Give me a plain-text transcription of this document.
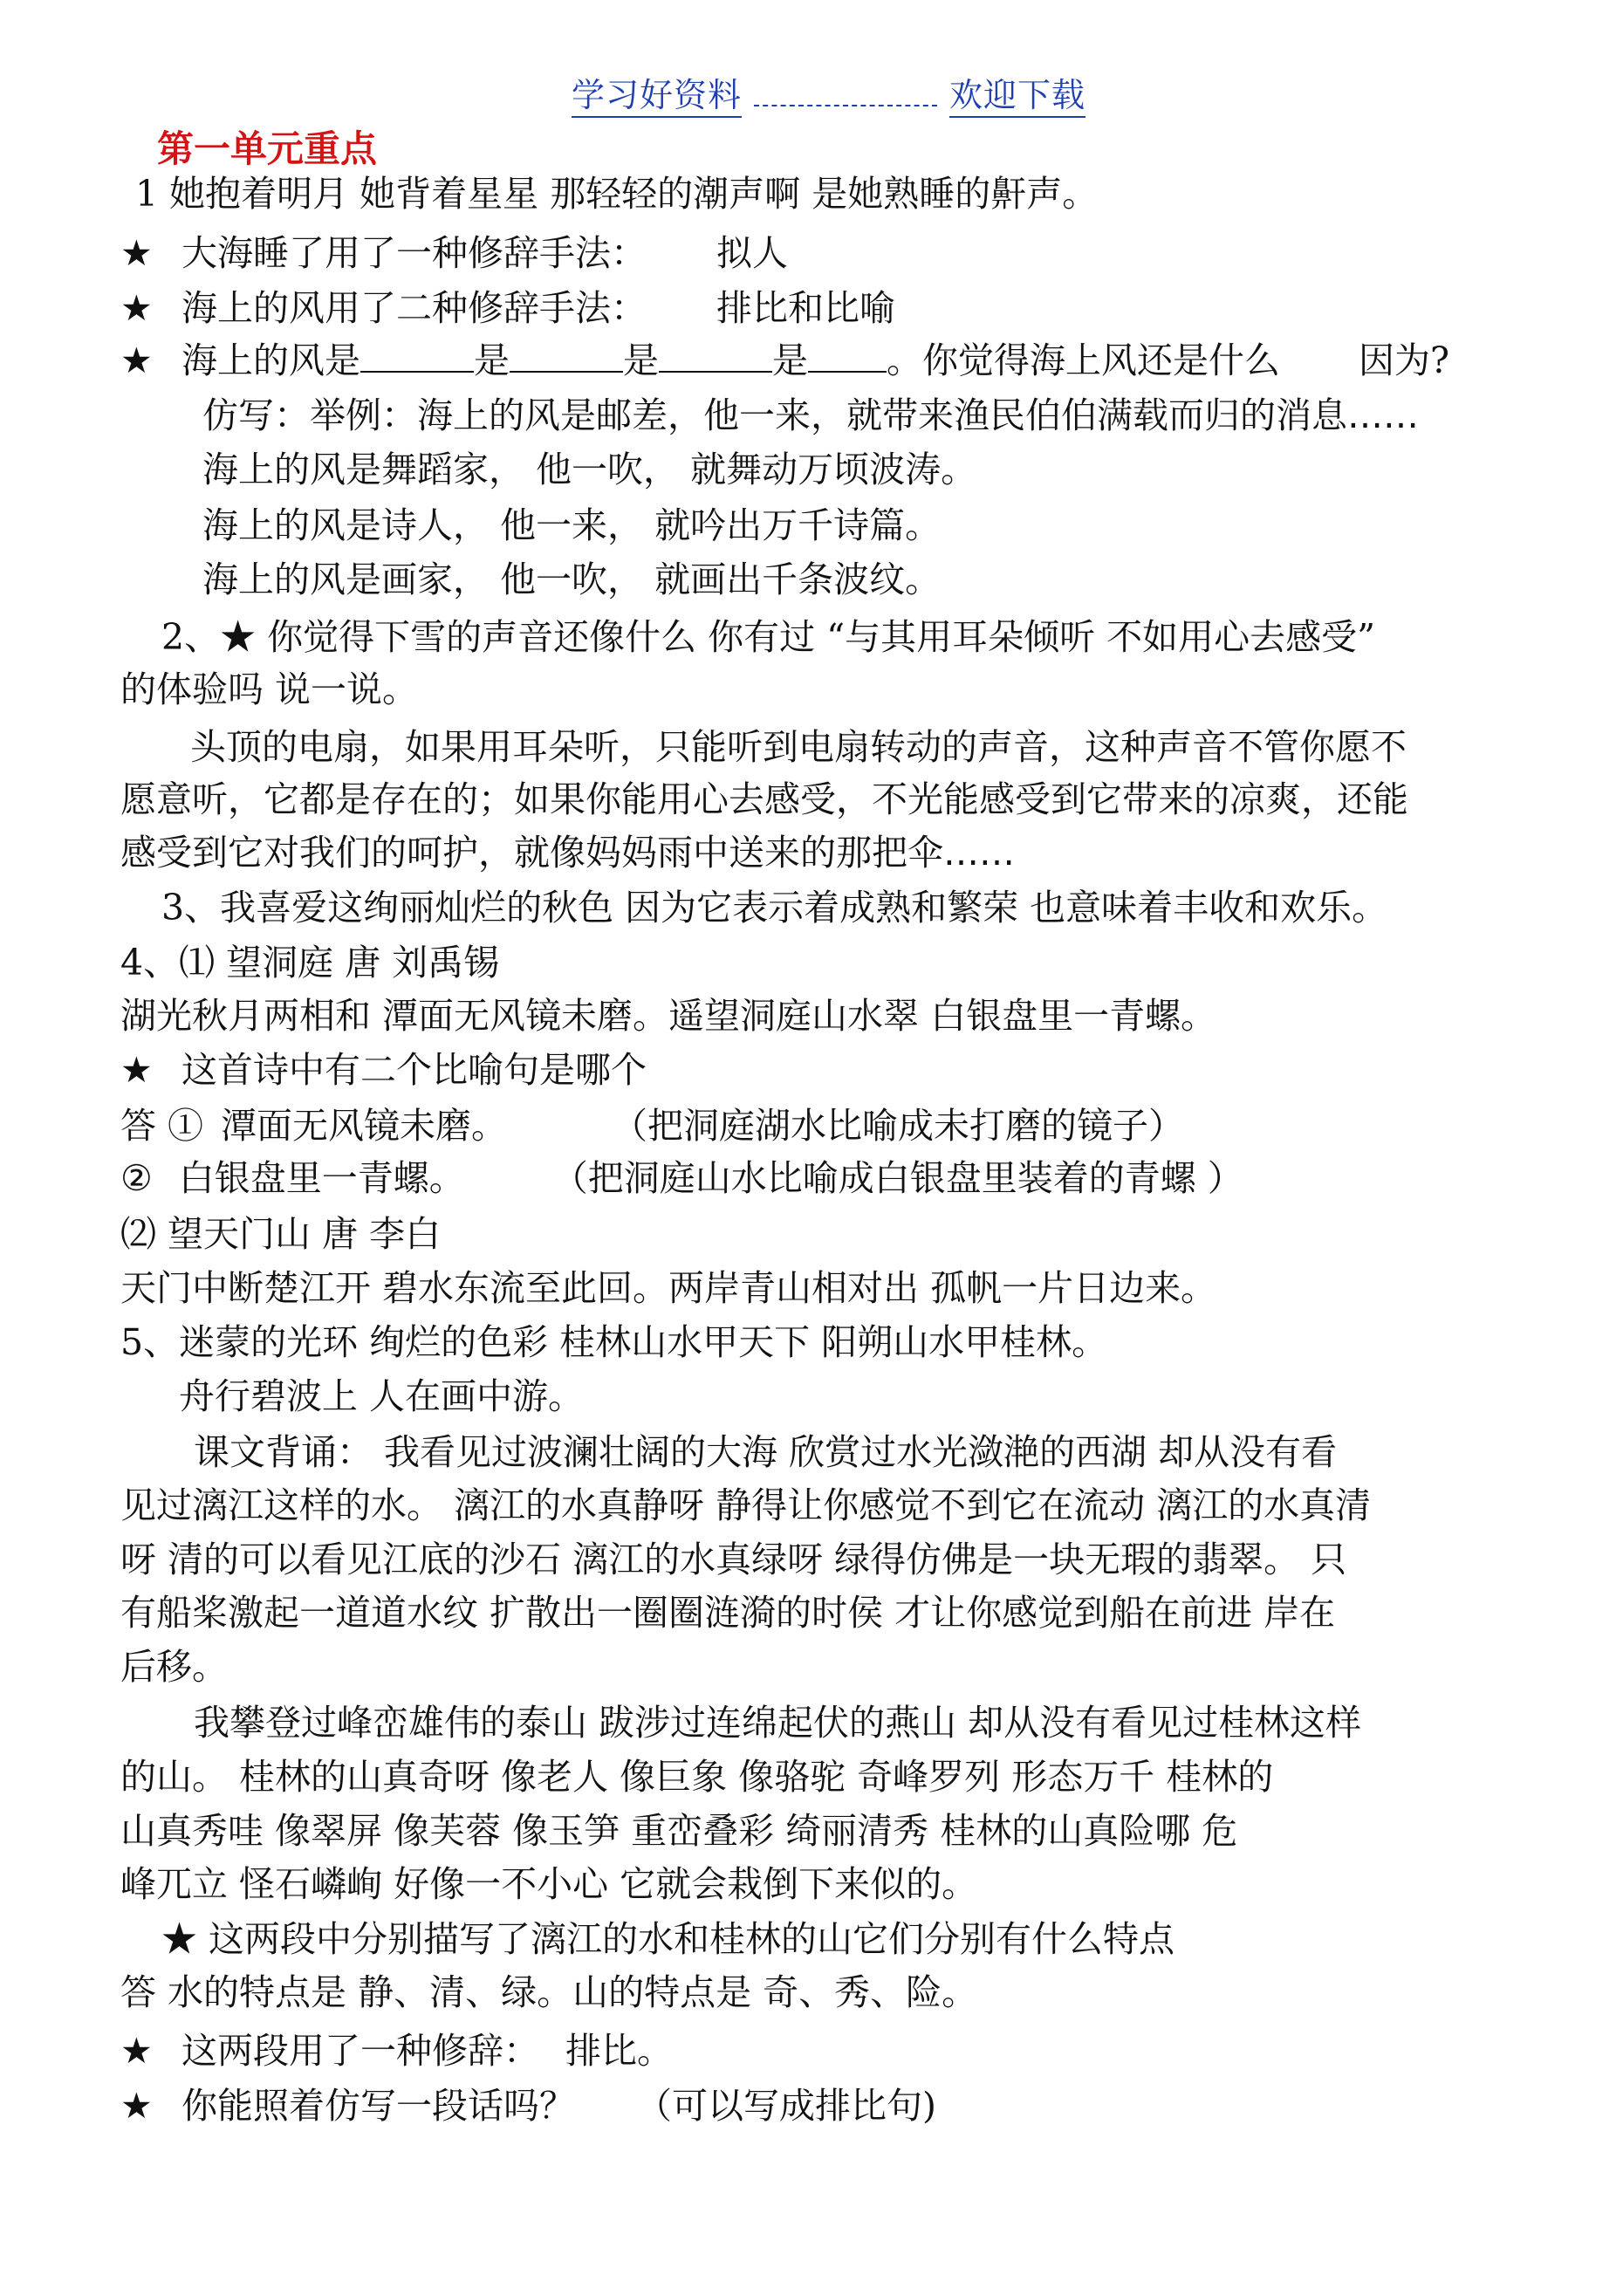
学习好资料	欢迎下载
第一单元重点
1 她抱着明月 她背着星星 那轻轻的潮声啊 是她熟睡的鼾声。
★ 大海睡了用了一种修辞手法： 拟人
★ 海上的风用了二种修辞手法： 排比和比喻
★ 海上的风是	是	是	是 。你觉得海上风还是什么 因为?
仿写：举例：海上的风是邮差，他一来，就带来渔民伯伯满载而归的消息……
海上的风是舞蹈家， 他一吹， 就舞动万顷波涛。
海上的风是诗人， 他一来， 就吟出万千诗篇。
海上的风是画家， 他一吹， 就画出千条波纹。
2、★ 你觉得下雪的声音还像什么 你有过 “与其用耳朵倾听 不如用心去感受”
的体验吗 说一说。
头顶的电扇，如果用耳朵听，只能听到电扇转动的声音，这种声音不管你愿不
愿意听，它都是存在的；如果你能用心去感受，不光能感受到它带来的凉爽，还能
感受到它对我们的呵护，就像妈妈雨中送来的那把伞……
3、我喜爱这绚丽灿烂的秋色 因为它表示着成熟和繁荣 也意味着丰收和欢乐。
4、⑴ 望洞庭 唐 刘禹锡
湖光秋月两相和 潭面无风镜未磨。遥望洞庭山水翠 白银盘里一青螺。
★ 这首诗中有二个比喻句是哪个
答 ① 潭面无风镜未磨。	（把洞庭湖水比喻成未打磨的镜子）
② 白银盘里一青螺。 （把洞庭山水比喻成白银盘里装着的青螺 ）
⑵ 望天门山 唐 李白
天门中断楚江开 碧水东流至此回。两岸青山相对出 孤帆一片日边来。
5、迷蒙的光环 绚烂的色彩 桂林山水甲天下 阳朔山水甲桂林。
舟行碧波上 人在画中游。
课文背诵： 我看见过波澜壮阔的大海 欣赏过水光潋滟的西湖 却从没有看
见过漓江这样的水。 漓江的水真静呀 静得让你感觉不到它在流动 漓江的水真清
呀 清的可以看见江底的沙石 漓江的水真绿呀 绿得仿佛是一块无瑕的翡翠。 只
有船桨激起一道道水纹 扩散出一圈圈涟漪的时侯 才让你感觉到船在前进 岸在
后移。
我攀登过峰峦雄伟的泰山 跋涉过连绵起伏的燕山 却从没有看见过桂林这样
的山。 桂林的山真奇呀 像老人 像巨象 像骆驼 奇峰罗列 形态万千 桂林的
山真秀哇 像翠屏 像芙蓉 像玉笋 重峦叠彩 绮丽清秀 桂林的山真险哪 危
峰兀立 怪石嶙峋 好像一不小心 它就会栽倒下来似的。
★ 这两段中分别描写了漓江的水和桂林的山它们分别有什么特点
答 水的特点是 静、清、绿。山的特点是 奇、秀、险。
★ 这两段用了一种修辞： 排比。
★ 你能照着仿写一段话吗？ （可以写成排比句)
